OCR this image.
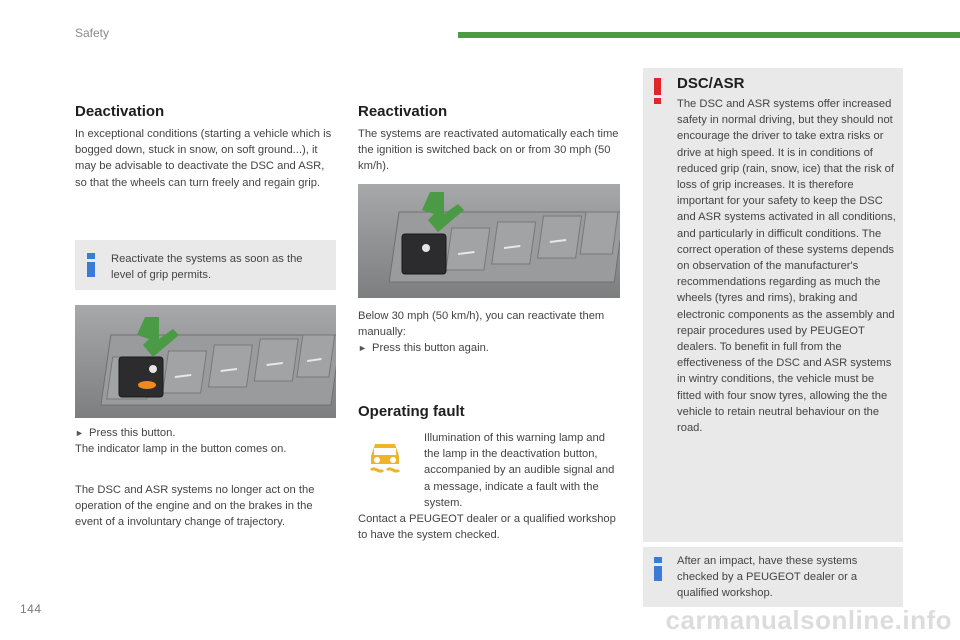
Safety
Deactivation

In exceptional conditions (starting a vehicle which is bogged down, stuck in snow, on soft ground...), it may be advisable to deactivate the DSC and ASR, so that the wheels can turn freely and regain grip.

Reactivate the systems as soon as the level of grip permits.

► Press this button.

The indicator lamp in the button comes on.

The DSC and ASR systems no longer act on the operation of the engine and on the brakes in the event of a involuntary change of trajectory.

Reactivation

The systems are reactivated automatically each time the ignition is switched back on or from 30 mph (50 km/h).

Below 30 mph (50 km/h), you can reactivate them manually:

► Press this button again.

Operating fault

Illumination of this warning lamp and the lamp in the deactivation button, accompanied by an audible signal and a message, indicate a fault with the system.

Contact a PEUGEOT dealer or a qualified workshop to have the system checked.

DSC/ASR

The DSC and ASR systems offer increased safety in normal driving, but they should not encourage the driver to take extra risks or drive at high speed. It is in conditions of reduced grip (rain, snow, ice) that the risk of loss of grip increases. It is therefore important for your safety to keep the DSC and ASR systems activated in all conditions, and particularly in difficult conditions. The correct operation of these systems depends on observation of the manufacturer's recommendations regarding as much the wheels (tyres and rims), braking and electronic components as the assembly and repair procedures used by PEUGEOT dealers. To benefit in full from the effectiveness of the DSC and ASR systems in wintry conditions, the vehicle must be fitted with four snow tyres, allowing the the vehicle to retain neutral behaviour on the road.

After an impact, have these systems checked by a PEUGEOT dealer or a qualified workshop.
144	carmanualsonline.info
